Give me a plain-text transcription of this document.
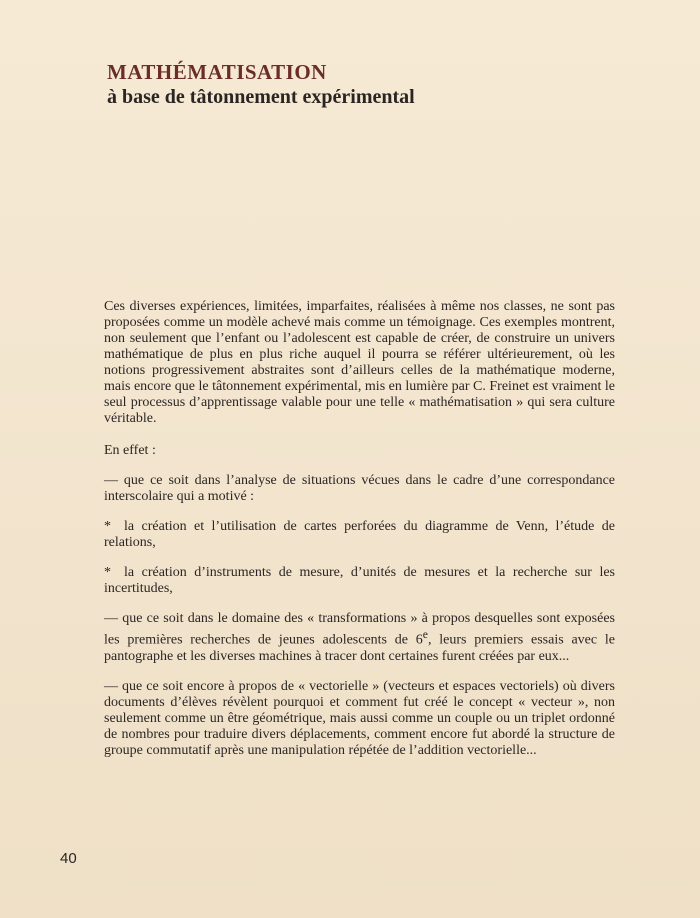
MATHÉMATISATION
à base de tâtonnement expérimental

Ces diverses expériences, limitées, imparfaites, réalisées à même nos classes, ne sont pas proposées comme un modèle achevé mais comme un témoignage. Ces exemples montrent, non seulement que l’enfant ou l’adolescent est capable de créer, de construire un univers mathématique de plus en plus riche auquel il pourra se référer ultérieurement, où les notions progressivement abstraites sont d’ailleurs celles de la mathématique moderne, mais encore que le tâtonnement expérimental, mis en lumière par C. Freinet est vraiment le seul processus d’apprentissage valable pour une telle « mathématisation » qui sera culture véritable.

En effet :

— que ce soit dans l’analyse de situations vécues dans le cadre d’une correspondance interscolaire qui a motivé :

* la création et l’utilisation de cartes perforées du diagramme de Venn, l’étude de relations,

* la création d’instruments de mesure, d’unités de mesures et la recherche sur les incertitudes,

— que ce soit dans le domaine des « transformations » à propos desquelles sont exposées les premières recherches de jeunes adolescents de 6e, leurs premiers essais avec le pantographe et les diverses machines à tracer dont certaines furent créées par eux...

— que ce soit encore à propos de « vectorielle » (vecteurs et espaces vectoriels) où divers documents d’élèves révèlent pourquoi et comment fut créé le concept « vecteur », non seulement comme un être géométrique, mais aussi comme un couple ou un triplet ordonné de nombres pour traduire divers déplacements, comment encore fut abordé la structure de groupe commutatif après une manipulation répétée de l’addition vectorielle...

40
